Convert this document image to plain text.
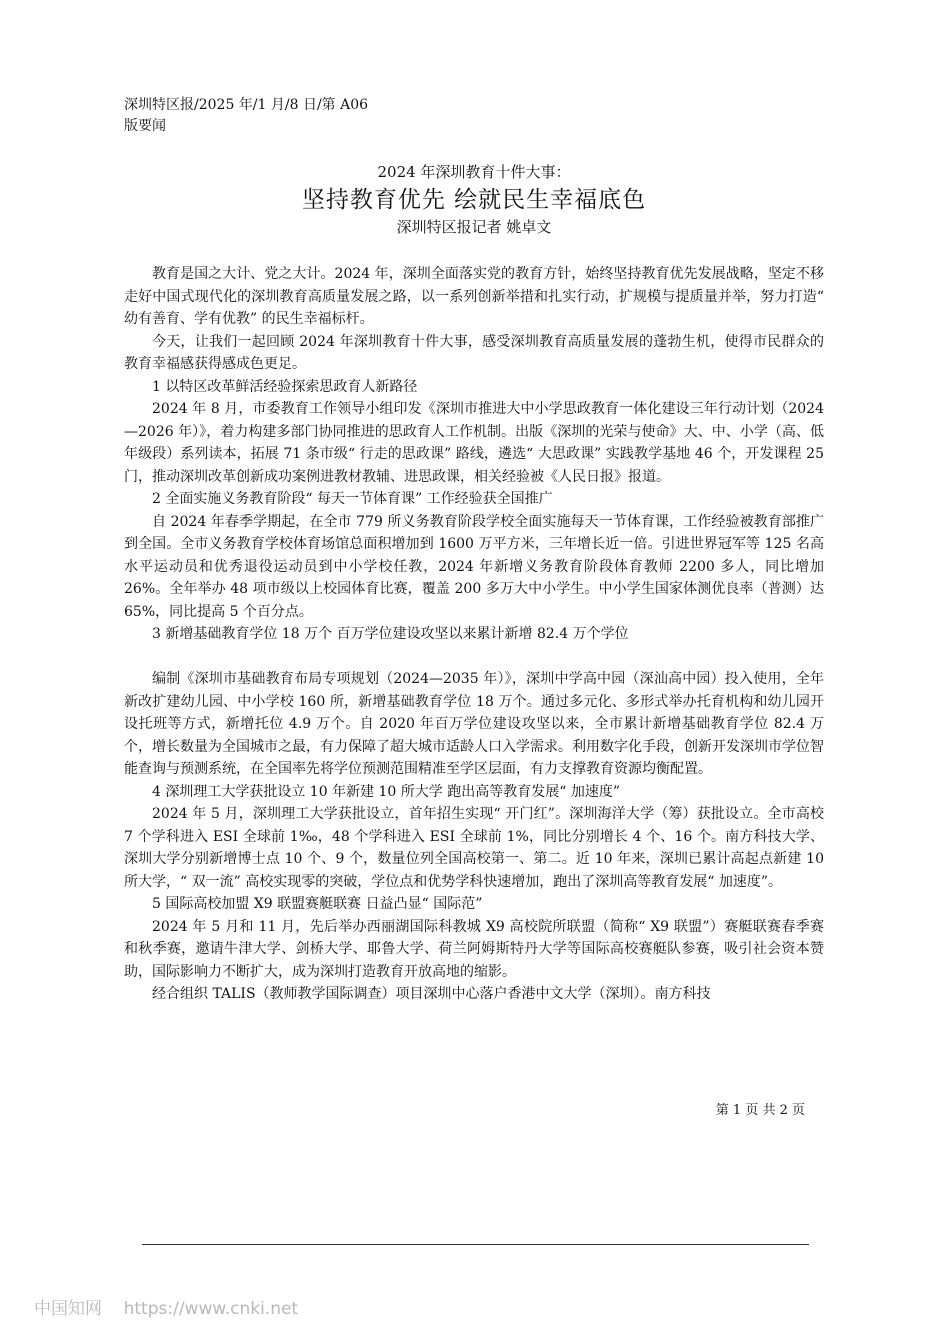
深圳特区报/2025 年/1 月/8 日/第 A06
版要闻
2024 年深圳教育十件大事：
坚持教育优先 绘就民生幸福底色
深圳特区报记者 姚卓文

教育是国之大计、党之大计。2024 年，深圳全面落实党的教育方针，始终坚持教育优先发展战略，坚定不移走好中国式现代化的深圳教育高质量发展之路，以一系列创新举措和扎实行动，扩规模与提质量并举，努力打造“ 幼有善育、学有优教” 的民生幸福标杆。

今天，让我们一起回顾 2024 年深圳教育十件大事，感受深圳教育高质量发展的蓬勃生机，使得市民群众的教育幸福感获得感成色更足。

1 以特区改革鲜活经验探索思政育人新路径

2024 年 8 月，市委教育工作领导小组印发《深圳市推进大中小学思政教育一体化建设三年行动计划（2024—2026 年）》，着力构建多部门协同推进的思政育人工作机制。出版《深圳的光荣与使命》大、中、小学（高、低年级段）系列读本，拓展 71 条市级“ 行走的思政课” 路线，遴选“ 大思政课” 实践教学基地 46 个，开发课程 25 门，推动深圳改革创新成功案例进教材教辅、进思政课，相关经验被《人民日报》报道。

2 全面实施义务教育阶段“ 每天一节体育课” 工作经验获全国推广

自 2024 年春季学期起，在全市 779 所义务教育阶段学校全面实施每天一节体育课，工作经验被教育部推广到全国。全市义务教育学校体育场馆总面积增加到 1600 万平方米，三年增长近一倍。引进世界冠军等 125 名高水平运动员和优秀退役运动员到中小学校任教，2024 年新增义务教育阶段体育教师 2200 多人，同比增加 26%。全年举办 48 项市级以上校园体育比赛，覆盖 200 多万大中小学生。中小学生国家体测优良率（普测）达 65%，同比提高 5 个百分点。

3 新增基础教育学位 18 万个 百万学位建设攻坚以来累计新增 82.4 万个学位

编制《深圳市基础教育布局专项规划（2024—2035 年）》，深圳中学高中园（深汕高中园）投入使用，全年新改扩建幼儿园、中小学校 160 所，新增基础教育学位 18 万个。通过多元化、多形式举办托育机构和幼儿园开设托班等方式，新增托位 4.9 万个。自 2020 年百万学位建设攻坚以来，全市累计新增基础教育学位 82.4 万个，增长数量为全国城市之最，有力保障了超大城市适龄人口入学需求。利用数字化手段，创新开发深圳市学位智能查询与预测系统，在全国率先将学位预测范围精准至学区层面，有力支撑教育资源均衡配置。

4 深圳理工大学获批设立 10 年新建 10 所大学 跑出高等教育发展“ 加速度”

2024 年 5 月，深圳理工大学获批设立，首年招生实现“ 开门红”。深圳海洋大学（筹）获批设立。全市高校 7 个学科进入 ESI 全球前 1‰，48 个学科进入 ESI 全球前 1%，同比分别增长 4 个、16 个。南方科技大学、深圳大学分别新增博士点 10 个、9 个，数量位列全国高校第一、第二。近 10 年来，深圳已累计高起点新建 10 所大学，“ 双一流” 高校实现零的突破，学位点和优势学科快速增加，跑出了深圳高等教育发展“ 加速度”。

5 国际高校加盟 X9 联盟赛艇联赛 日益凸显“ 国际范”

2024 年 5 月和 11 月，先后举办西丽湖国际科教城 X9 高校院所联盟（简称“ X9 联盟”）赛艇联赛春季赛和秋季赛，邀请牛津大学、剑桥大学、耶鲁大学、荷兰阿姆斯特丹大学等国际高校赛艇队参赛，吸引社会资本赞助，国际影响力不断扩大，成为深圳打造教育开放高地的缩影。

经合组织 TALIS（教师教学国际调查）项目深圳中心落户香港中文大学（深圳）。南方科技

第 1 页 共 2 页
中国知网    https://www.cnki.net
